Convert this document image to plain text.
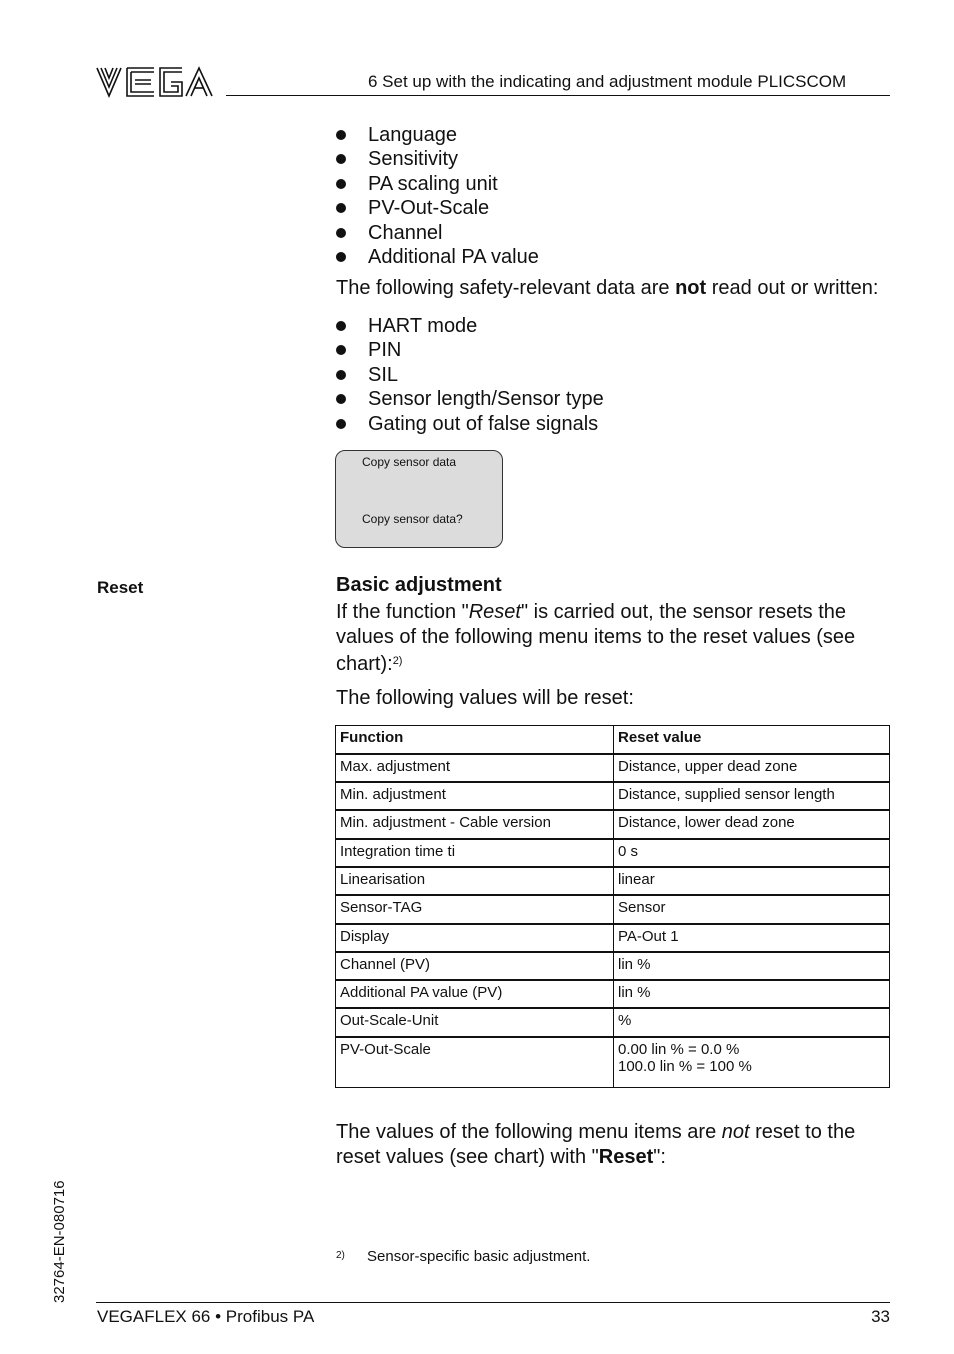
6 Set up with the indicating and adjustment module PLICSCOM
Language
Sensitivity
PA scaling unit
PV-Out-Scale
Channel
Additional PA value
The following safety-relevant data are not read out or written:
HART mode
PIN
SIL
Sensor length/Sensor type
Gating out of false signals
Copy sensor data
Copy sensor data?
Reset	Basic adjustment
If the function "Reset" is carried out, the sensor resets the values of the following menu items to the reset values (see chart):$^{2)}$
The following values will be reset:
Function	Reset value
Max. adjustment	Distance, upper dead zone
Min. adjustment	Distance, supplied sensor length
Min. adjustment - Cable version	Distance, lower dead zone
Integration time ti	0 s
Linearisation	linear
Sensor-TAG	Sensor
Display	PA-Out 1
Channel (PV)	lin %
Additional PA value (PV)	lin %
Out-Scale-Unit	%
PV-Out-Scale	0.00 lin % = 0.0 %
100.0 lin % = 100 %
The values of the following menu items are not reset to the reset values (see chart) with "Reset":
2) Sensor-specific basic adjustment.
32764-EN-080716
VEGAFLEX 66 • Profibus PA	33
